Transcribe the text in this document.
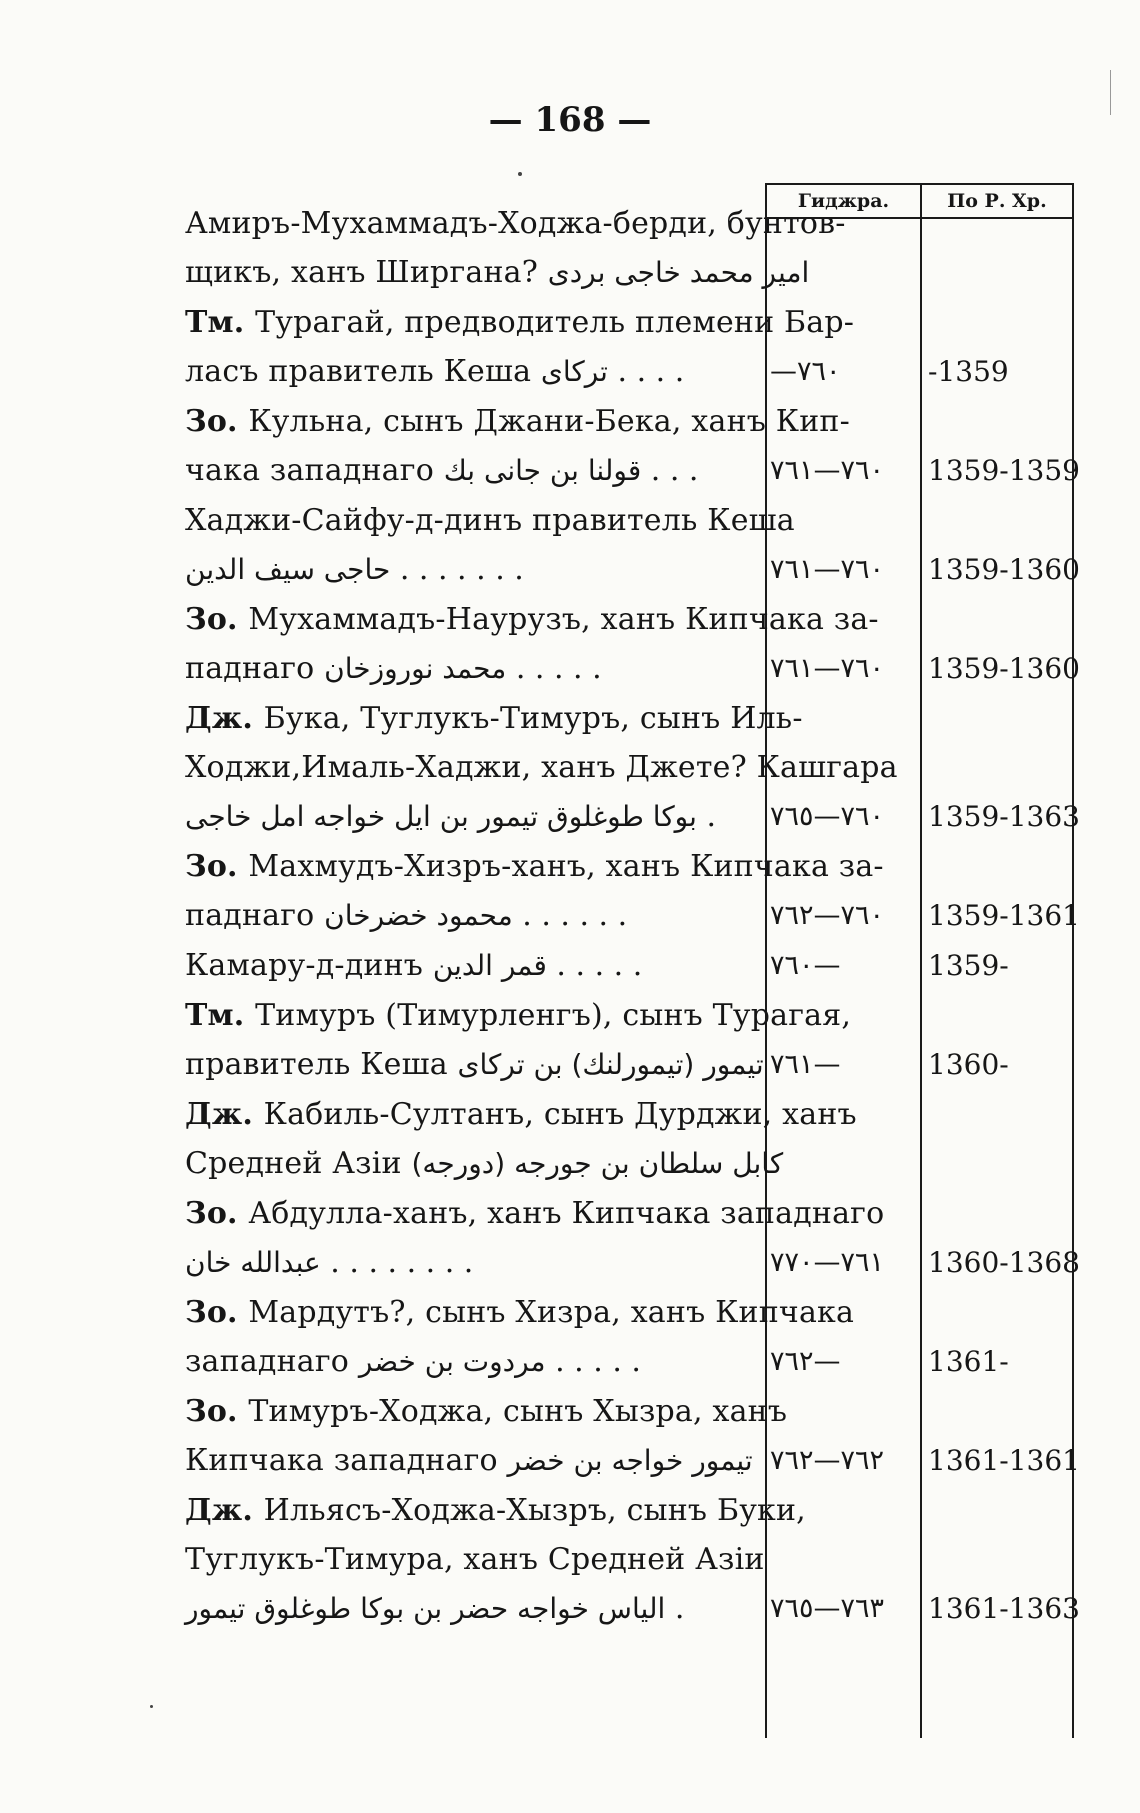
— 168 —
Гиджра.	По Р. Хр.
Амиръ-Мухаммадъ-Ходжа-берди, бунтов-
щикъ, ханъ Ширгана? امیر محمد خاجی بردی
Тм. Турагай, предводитель племени Бар-
ласъ правитель Кеша ترکای . . . .	—٧٦٠	-1359
Зо. Кульна, сынъ Джани-Бека, ханъ Кип-
чака западнаго قولنا بن جانی بك . . .	٧٦٠—٧٦١	1359-1359
Хаджи-Сайфу-д-динъ правитель Кеша
حاجی سیف الدین . . . . . . .	٧٦٠—٧٦١	1359-1360
Зо. Мухаммадъ-Наурузъ, ханъ Кипчака за-
паднаго محمد نوروزخان . . . . .	٧٦٠—٧٦١	1359-1360
Дж. Бука, Туглукъ-Тимуръ, сынъ Иль-
Ходжи,Ималь-Хаджи, ханъ Джете? Кашгара
بوکا طوغلوق تیمور بن ایل خواجه امل خاجی .	٧٦٠—٧٦٥	1359-1363
Зо. Махмудъ-Хизръ-ханъ, ханъ Кипчака за-
паднаго محمود خضرخان . . . . . .	٧٦٠—٧٦٢	1359-1361
Камару-д-динъ قمر الدین . . . . .	٧٦٠—	1359-
Тм. Тимуръ (Тимурленгъ), сынъ Турагая,
правитель Кеша تیمور (تیمورلنك) بن ترکای ٧٦١—	1360-
Дж. Кабиль-Султанъ, сынъ Дурджи, ханъ
Средней Азіи کابل سلطان بن جورجه (دورجه)
Зо. Абдулла-ханъ, ханъ Кипчака западнаго
عبدالله خان . . . . . . . .	٧٦١—٧٧٠	1360-1368
Зо. Мардутъ?, сынъ Хизра, ханъ Кипчака
западнаго مردوت بن خضر . . . . .	٧٦٢—	1361-
Зо. Тимуръ-Ходжа, сынъ Хызра, ханъ
Кипчака западнаго تیمور خواجه بن خضر ٧٦٢—٧٦٢	1361-1361
Дж. Ильясъ-Ходжа-Хызръ, сынъ Буки,
Туглукъ-Тимура, ханъ Средней Азіи
الیاس خواجه حضر بن بوکا طوغلوق تیمور .	٧٦٣—٧٦٥	1361-1363
